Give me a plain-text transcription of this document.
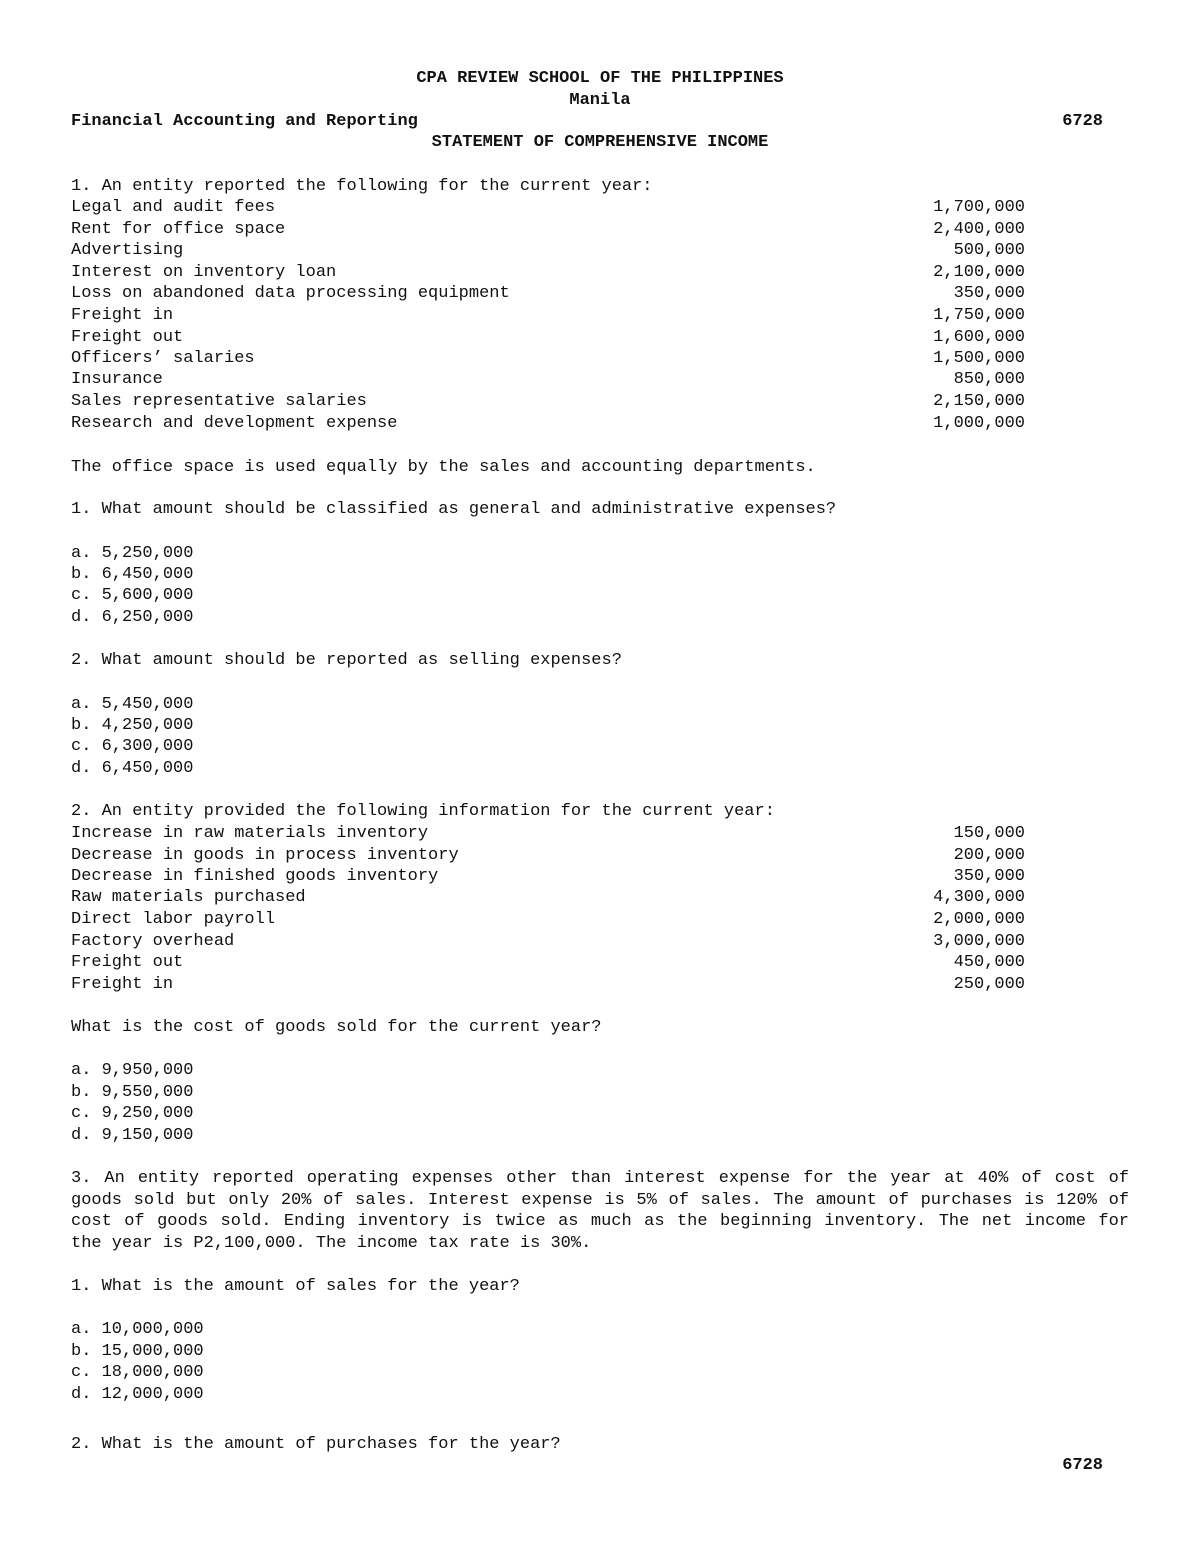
CPA REVIEW SCHOOL OF THE PHILIPPINES
Manila
Financial Accounting and Reporting	6728
STATEMENT OF COMPREHENSIVE INCOME
1. An entity reported the following for the current year:
Legal and audit fees	1,700,000
Rent for office space	2,400,000
Advertising	500,000
Interest on inventory loan	2,100,000
Loss on abandoned data processing equipment	350,000
Freight in	1,750,000
Freight out	1,600,000
Officers’ salaries	1,500,000
Insurance	850,000
Sales representative salaries	2,150,000
Research and development expense	1,000,000
The office space is used equally by the sales and accounting departments.
1. What amount should be classified as general and administrative expenses?
a. 5,250,000
b. 6,450,000
c. 5,600,000
d. 6,250,000
2. What amount should be reported as selling expenses?
a. 5,450,000
b. 4,250,000
c. 6,300,000
d. 6,450,000
2. An entity provided the following information for the current year:
Increase in raw materials inventory	150,000
Decrease in goods in process inventory	200,000
Decrease in finished goods inventory	350,000
Raw materials purchased	4,300,000
Direct labor payroll	2,000,000
Factory overhead	3,000,000
Freight out	450,000
Freight in	250,000
What is the cost of goods sold for the current year?
a. 9,950,000
b. 9,550,000
c. 9,250,000
d. 9,150,000
3. An entity reported operating expenses other than interest expense for the year at 40% of cost of goods sold but only 20% of sales. Interest expense is 5% of sales. The amount of purchases is 120% of cost of goods sold. Ending inventory is twice as much as the beginning inventory. The net income for the year is P2,100,000. The income tax rate is 30%.
1. What is the amount of sales for the year?
a. 10,000,000
b. 15,000,000
c. 18,000,000
d. 12,000,000
2. What is the amount of purchases for the year?
6728
